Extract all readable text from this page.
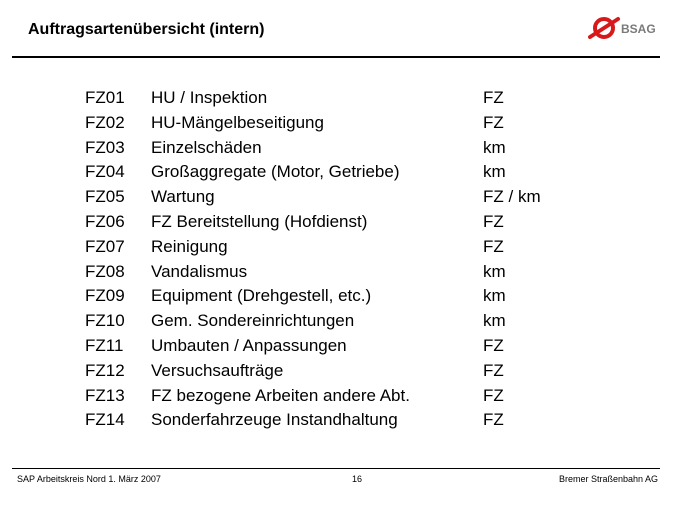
Auftragsartenübersicht (intern)	BSAG
FZ01 HU / Inspektion	FZ
FZ02 HU-Mängelbeseitigung	FZ
FZ03 Einzelschäden	km
FZ04 Großaggregate (Motor, Getriebe)	km
FZ05 Wartung	FZ / km
FZ06 FZ Bereitstellung (Hofdienst)	FZ
FZ07 Reinigung	FZ
FZ08 Vandalismus	km
FZ09 Equipment (Drehgestell, etc.)	km
FZ10 Gem. Sondereinrichtungen	km
FZ11 Umbauten / Anpassungen	FZ
FZ12 Versuchsaufträge	FZ
FZ13 FZ bezogene Arbeiten andere Abt.	FZ
FZ14 Sonderfahrzeuge Instandhaltung	FZ
SAP Arbeitskreis Nord 1. März 2007	16	Bremer Straßenbahn AG
